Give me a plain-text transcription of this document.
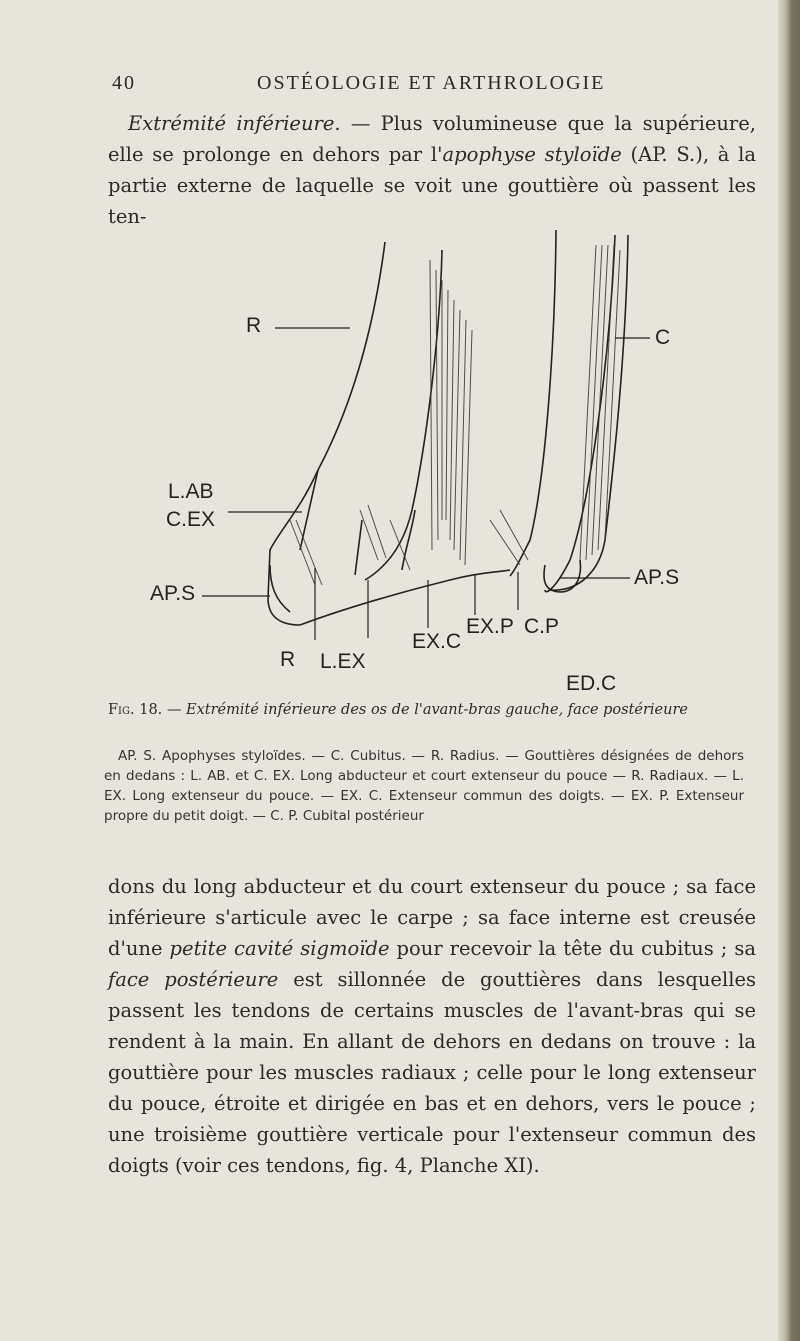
40	OSTÉOLOGIE ET ARTHROLOGIE
Extrémité inférieure. — Plus volumineuse que la supérieure, elle se prolonge en dehors par l'apophyse styloïde (AP. S.), à la partie externe de laquelle se voit une gouttière où passent les ten-
R
C
L.AB
C.EX
AP.S
AP.S
EX.P C.P
EX.C
R L.EX
ED.C
Fig. 18. — Extrémité inférieure des os de l'avant-bras gauche, face postérieure
AP. S. Apophyses styloïdes. — C. Cubitus. — R. Radius. — Gouttières désignées de dehors en dedans : L. AB. et C. EX. Long abducteur et court extenseur du pouce — R. Radiaux. — L. EX. Long extenseur du pouce. — EX. C. Extenseur commun des doigts. — EX. P. Extenseur propre du petit doigt. — C. P. Cubital postérieur
dons du long abducteur et du court extenseur du pouce ; sa face inférieure s'articule avec le carpe ; sa face interne est creusée d'une petite cavité sigmoïde pour recevoir la tête du cubitus ; sa face postérieure est sillonnée de gouttières dans lesquelles passent les tendons de certains muscles de l'avant-bras qui se rendent à la main. En allant de dehors en dedans on trouve : la gouttière pour les muscles radiaux ; celle pour le long extenseur du pouce, étroite et dirigée en bas et en dehors, vers le pouce ; une troisième gouttière verticale pour l'extenseur commun des doigts (voir ces tendons, fig. 4, Planche XI).
